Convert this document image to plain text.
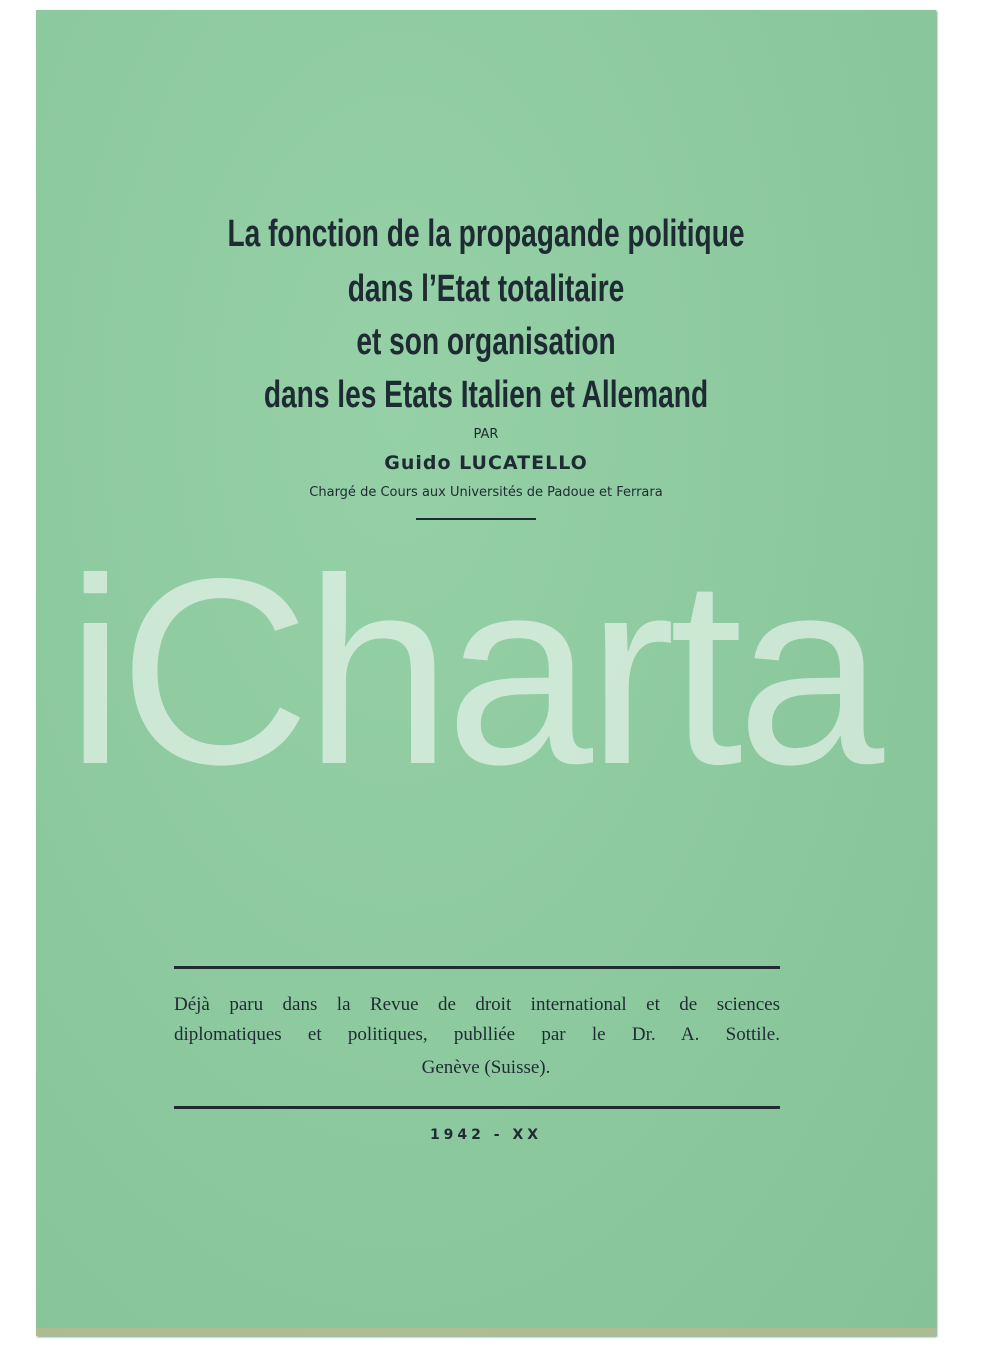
La fonction de la propagande politique
dans l’Etat totalitaire
et son organisation
dans les Etats Italien et Allemand
PAR
Guido LUCATELLO
Chargé de Cours aux Universités de Padoue et Ferrara
iCharta
Déjà paru dans la Revue de droit international et de sciences
diplomatiques et politiques, publliée par le Dr. A. Sottile.
Genève (Suisse).
1942 - XX
